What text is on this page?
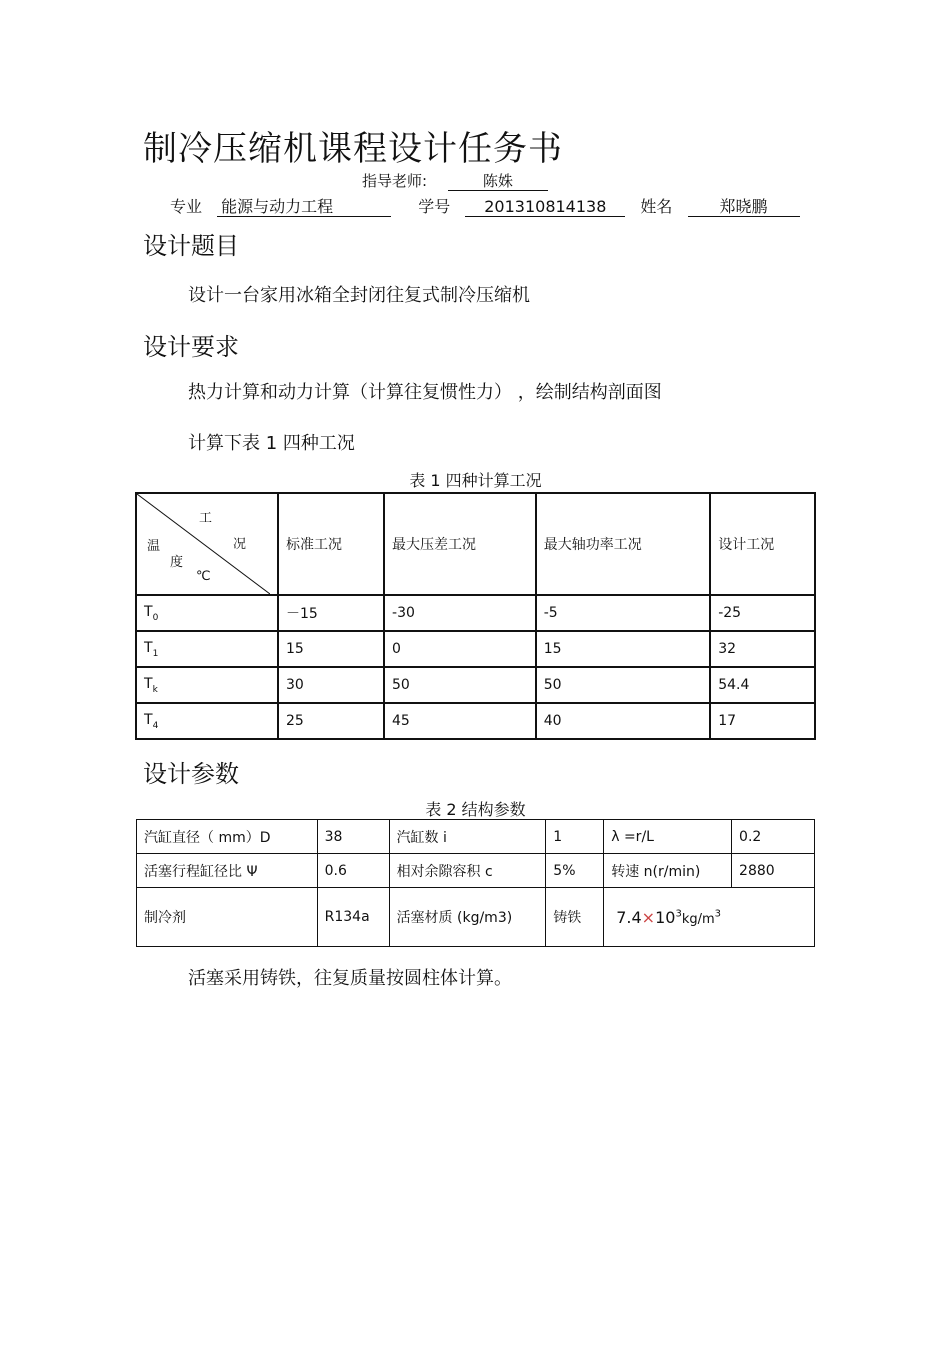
制冷压缩机课程设计任务书
指导老师:	陈姝
专业 能源与动力工程	学号 201310814138 姓名	郑晓鹏
设计题目
设计一台家用冰箱全封闭往复式制冷压缩机
设计要求
热力计算和动力计算（计算往复惯性力） ，绘制结构剖面图
计算下表 1 四种工况
表 1 四种计算工况
工
况
温
度
℃	标准工况	最大压差工况	最大轴功率工况	设计工况
$T_0$	－15	-30	-5	-25
$T_1$	15	0	15	32
$T_k$	30	50	50	54.4
$T_4$	25	45	40	17
设计参数
表 2 结构参数
汽缸直径（ mm）D	38	汽缸数 i	1	λ =r/L	0.2
活塞行程缸径比 Ψ	0.6	相对余隙容积 c	5%	转速 n(r/min)	2880
制冷剂	R134a	活塞材质 (kg/m3)	铸铁	$7.4\times 10^3kg/m^3$
活塞采用铸铁，往复质量按圆柱体计算。
